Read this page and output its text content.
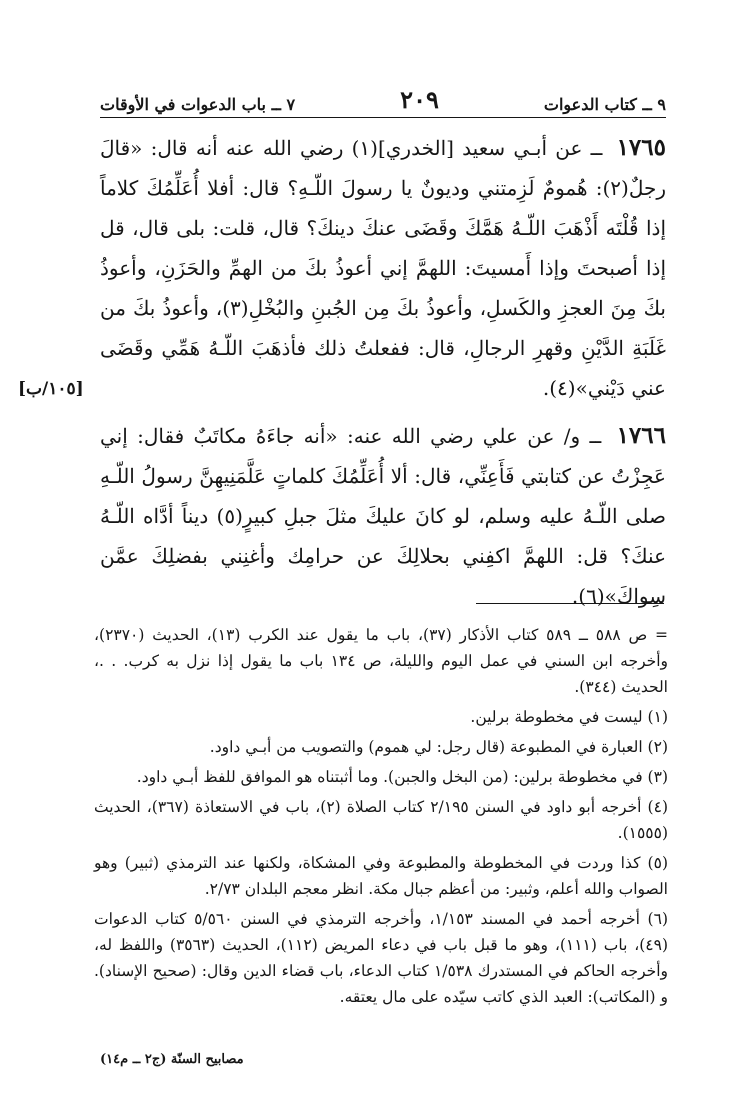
٩ ــ كتاب الدعوات
٢٠٩
٧ ــ باب الدعوات في الأوقات

١٧٦٥ ــ عن أبـي سعيد [الخدري](١) رضي الله عنه أنه قال: «قالَ رجلٌ(٢): هُمومٌ لَزِمتني وديونٌ يا رسولَ اللّـهِ؟ قال: أفلا أُعَلِّمُكَ كلاماً إذا قُلْتَه أَذْهَبَ اللّـهُ هَمَّكَ وقَضَى عنكَ دينكَ؟ قال، قلت: بلى قال، قل إذا أصبحتَ وإذا أَمسيتَ: اللهمَّ إني أعوذُ بكَ من الهمِّ والحَزَنِ، وأعوذُ بكَ مِنَ العجزِ والكَسلِ، وأعوذُ بكَ مِن الجُبنِ والبُخْلِ(٣)، وأعوذُ بكَ من غَلَبَةِ الدَّيْنِ وقهرِ الرجالِ، قال: ففعلتُ ذلك فأذهَبَ اللّـهُ هَمِّي وقَضَى عني دَيْني»(٤).

١٧٦٦ ــ و/ عن علي رضي الله عنه: «أنه جاءَهُ مكاتَبٌ فقال: إني عَجِزْتُ عن كتابتي فَأَعِنِّي، قال: ألا أُعَلِّمُكَ كلماتٍ عَلَّمَنِيهِنَّ رسولُ اللّـهِ صلى اللّـهُ عليه وسلم، لو كانَ عليكَ مثلَ جبلِ كبيرٍ(٥) ديناً أدَّاه اللّـهُ عنكَ؟ قل: اللهمَّ اكفِني بحلالِكَ عن حرامِك وأغنِني بفضلِكَ عمَّن سِواكَ»(٦).

[١٠٥/ب]

= ص ٥٨٨ ــ ٥٨٩ كتاب الأذكار (٣٧)، باب ما يقول عند الكرب (١٣)، الحديث (٢٣٧٠)، وأخرجه ابن السني في عمل اليوم والليلة، ص ١٣٤ باب ما يقول إذا نزل به كرب. . .، الحديث (٣٤٤).

(١) ليست في مخطوطة برلين.

(٢) العبارة في المطبوعة (قال رجل: لي هموم) والتصويب من أبـي داود.

(٣) في مخطوطة برلين: (من البخل والجبن). وما أثبتناه هو الموافق للفظ أبـي داود.

(٤) أخرجه أبو داود في السنن ٢/١٩٥ كتاب الصلاة (٢)، باب في الاستعاذة (٣٦٧)، الحديث (١٥٥٥).

(٥) كذا وردت في المخطوطة والمطبوعة وفي المشكاة، ولكنها عند الترمذي (ثبير) وهو الصواب والله أعلم، وثبير: من أعظم جبال مكة. انظر معجم البلدان ٢/٧٣.

(٦) أخرجه أحمد في المسند ١/١٥٣، وأخرجه الترمذي في السنن ٥/٥٦٠ كتاب الدعوات (٤٩)، باب (١١١)، وهو ما قبل باب في دعاء المريض (١١٢)، الحديث (٣٥٦٣) واللفظ له، وأخرجه الحاكم في المستدرك ١/٥٣٨ كتاب الدعاء، باب قضاء الدين وقال: (صحيح الإسناد). و (المكاتب): العبد الذي كاتب سيّده على مال يعتقه.

مصابيح السنّة (ج٢ ــ م١٤)
